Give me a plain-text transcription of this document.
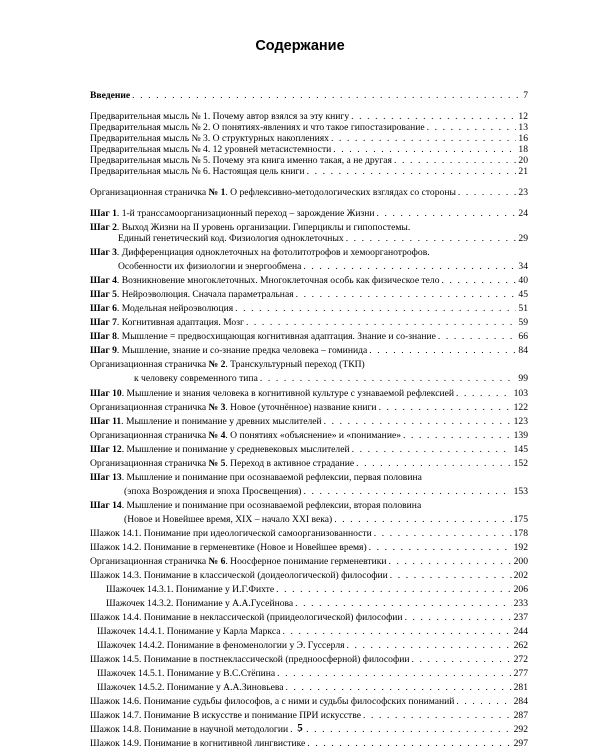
Содержание
Введение . . .	7
Предварительная мысль № 1. Почему автор взялся за эту книгу . . .	12
Предварительная мысль № 2. О понятиях-явлениях и что такое гипостазирование . . .	13
Предварительная мысль № 3. О структурных накоплениях . . .	16
Предварительная мысль № 4. 12 уровней метасистемности . . .	18
Предварительная мысль № 5. Почему эта книга именно такая, а не другая . . .	20
Предварительная мысль № 6. Настоящая цель книги . . .	21
Организационная страничка № 1. О рефлексивно-методологических взглядах со стороны . . .	23
Шаг 1. 1-й транссамоорганизационный переход – зарождение Жизни . . .	24
Шаг 2. Выход Жизни на II уровень организации. Гиперциклы и гипопостемы.
Единый генетический код. Физиология одноклеточных . . .	29
Шаг 3. Дифференциация одноклеточных на фотолитотрофов и хемоорганотрофов.
Особенности их физиологии и энергообмена . . .	34
Шаг 4. Возникновение многоклеточных. Многоклеточная особь как физическое тело . . .	40
Шаг 5. Нейроэволюция. Сначала параметральная . . .	45
Шаг 6. Модельная нейроэволюция . . .	51
Шаг 7. Когнитивная адаптация. Мозг . . .	59
Шаг 8. Мышление = предвосхищающая когнитивная адаптация. Знание и со-знание . . .	66
Шаг 9. Мышление, знание и со-знание предка человека – гоминида . . .	84
Организационная страничка № 2. Транскультурный переход (ТКП)
к человеку современного типа . . .	99
Шаг 10. Мышление и знания человека в когнитивной культуре с узнаваемой рефлексией . . .	103
Организационная страничка № 3. Новое (уточнённое) название книги . . .	122
Шаг 11. Мышление и понимание у древних мыслителей . . .	123
Организационная страничка № 4. О понятиях «объяснение» и «понимание» . . .	139
Шаг 12. Мышление и понимание у средневековых мыслителей . . .	145
Организационная страничка № 5. Переход в активное страдание . . .	152
Шаг 13. Мышление и понимание при осознаваемой рефлексии, первая половина
(эпоха Возрождения и эпоха Просвещения) . . .	153
Шаг 14. Мышление и понимание при осознаваемой рефлексии, вторая половина
(Новое и Новейшее время, XIX – начало XXI века) . . .	175
Шажок 14.1. Понимание при идеологической самоорганизованности . . .	178
Шажок 14.2. Понимание в герменевтике (Новое и Новейшее время) . . .	192
Организационная страничка № 6. Ноосферное понимание герменевтики . . .	200
Шажок 14.3. Понимание в классической (доидеологической) философии . . .	202
Шажочек 14.3.1. Понимание у И.Г.Фихте . . .	206
Шажочек 14.3.2. Понимание у А.А.Гусейнова . . .	233
Шажок 14.4. Понимание в неклассической (приидеологической) философии . . .	237
Шажочек 14.4.1. Понимание у Карла Маркса . . .	244
Шажочек 14.4.2. Понимание в феноменологии у Э. Гуссерля . . .	262
Шажок 14.5. Понимание в постнеклассической (предноосферной) философии . . .	272
Шажочек 14.5.1. Понимание у В.С.Стёпина . . .	277
Шажочек 14.5.2. Понимание у А.А.Зиновьева . . .	281
Шажок 14.6. Понимание судьбы философов, а с ними и судьбы философских пониманий . . .	284
Шажок 14.7. Понимание В искусстве и понимание ПРИ искусстве . . .	287
Шажок 14.8. Понимание в научной методологии . . .	292
Шажок 14.9. Понимание в когнитивной лингвистике . . .	297
5
